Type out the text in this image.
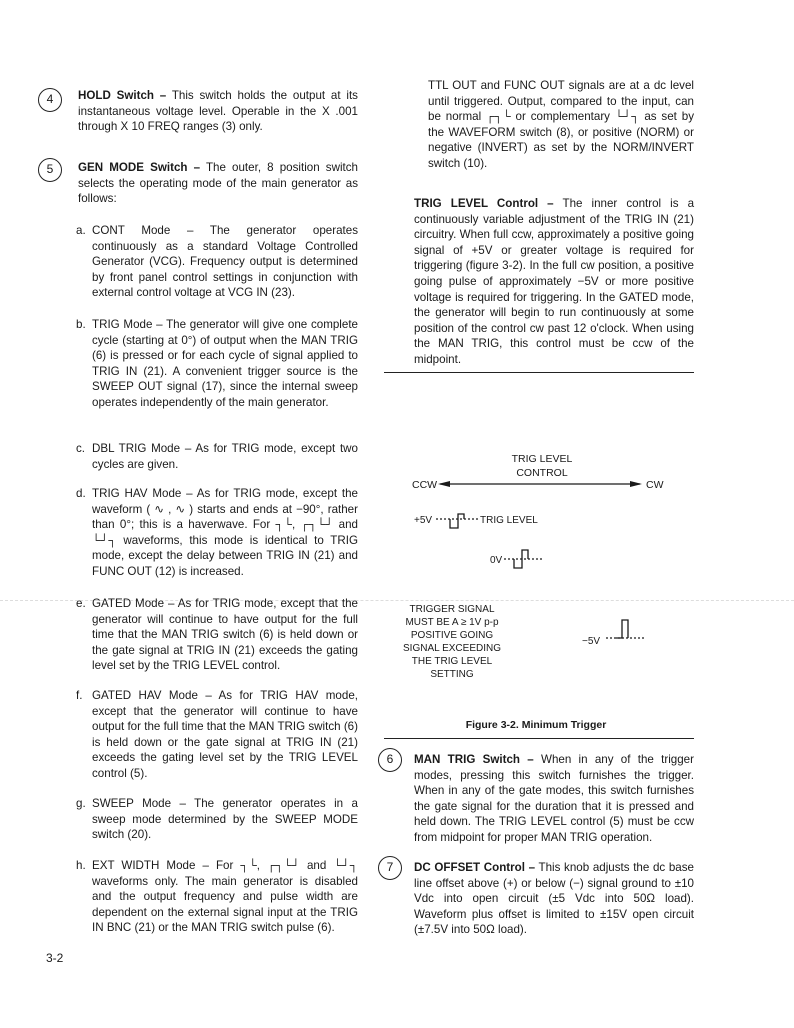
4	HOLD Switch – This switch holds the output at its instantaneous voltage level. Operable in the X .001 through X 10 FREQ ranges (3) only.
5	GEN MODE Switch – The outer, 8 position switch selects the operating mode of the main generator as follows:
a. CONT Mode – The generator operates continuously as a standard Voltage Controlled Generator (VCG). Frequency output is determined by front panel control settings in conjunction with external control voltage at VCG IN (23).
b. TRIG Mode – The generator will give one complete cycle (starting at 0°) of output when the MAN TRIG (6) is pressed or for each cycle of signal applied to TRIG IN (21). A convenient trigger source is the SWEEP OUT signal (17), since the internal sweep operates independently of the main generator.
c. DBL TRIG Mode – As for TRIG mode, except two cycles are given.
d. TRIG HAV Mode – As for TRIG mode, except the waveform ( ∿ , ∿ ) starts and ends at −90°, rather than 0°; this is a haverwave. For ┐└, ┌┐└┘ and └┘┐ waveforms, this mode is identical to TRIG mode, except the delay between TRIG IN (21) and FUNC OUT (12) is increased.
e. GATED Mode – As for TRIG mode, except that the generator will continue to have output for the full time that the MAN TRIG switch (6) is held down or the gate signal at TRIG IN (21) exceeds the gating level set by the TRIG LEVEL control.
f. GATED HAV Mode – As for TRIG HAV mode, except that the generator will continue to have output for the full time that the MAN TRIG switch (6) is held down or the gate signal at TRIG IN (21) exceeds the gating level set by the TRIG LEVEL control (5).
g. SWEEP Mode – The generator operates in a sweep mode determined by the SWEEP MODE switch (20).
h. EXT WIDTH Mode – For ┐└, ┌┐└┘ and └┘┐ waveforms only. The main generator is disabled and the output frequency and pulse width are dependent on the external signal input at the TRIG IN BNC (21) or the MAN TRIG switch pulse (6).
3-2
TTL OUT and FUNC OUT signals are at a dc level until triggered. Output, compared to the input, can be normal ┌┐└ or complementary └┘┐ as set by the WAVEFORM switch (8), or positive (NORM) or negative (INVERT) as set by the NORM/INVERT switch (10).
TRIG LEVEL Control – The inner control is a continuously variable adjustment of the TRIG IN (21) circuitry. When full ccw, approximately a positive going signal of +5V or greater voltage is required for triggering (figure 3-2). In the full cw position, a positive going pulse of approximately −5V or more positive voltage is required for triggering. In the GATED mode, the generator will begin to run continuously at some position of the control cw past 12 o'clock. When using the MAN TRIG, this control must be ccw of the midpoint.
TRIG LEVEL
CONTROL
CCW	CW
+5V	TRIG LEVEL
0V
TRIGGER SIGNAL
MUST BE A ≥ 1V p-p
POSITIVE GOING
SIGNAL EXCEEDING
THE TRIG LEVEL
SETTING
−5V
Figure 3-2. Minimum Trigger
6	MAN TRIG Switch – When in any of the trigger modes, pressing this switch furnishes the trigger. When in any of the gate modes, this switch furnishes the gate signal for the duration that it is pressed and held down. The TRIG LEVEL control (5) must be ccw from midpoint for proper MAN TRIG operation.
7	DC OFFSET Control – This knob adjusts the dc base line offset above (+) or below (−) signal ground to ±10 Vdc into open circuit (±5 Vdc into 50Ω load). Waveform plus offset is limited to ±15V open circuit (±7.5V into 50Ω load).
